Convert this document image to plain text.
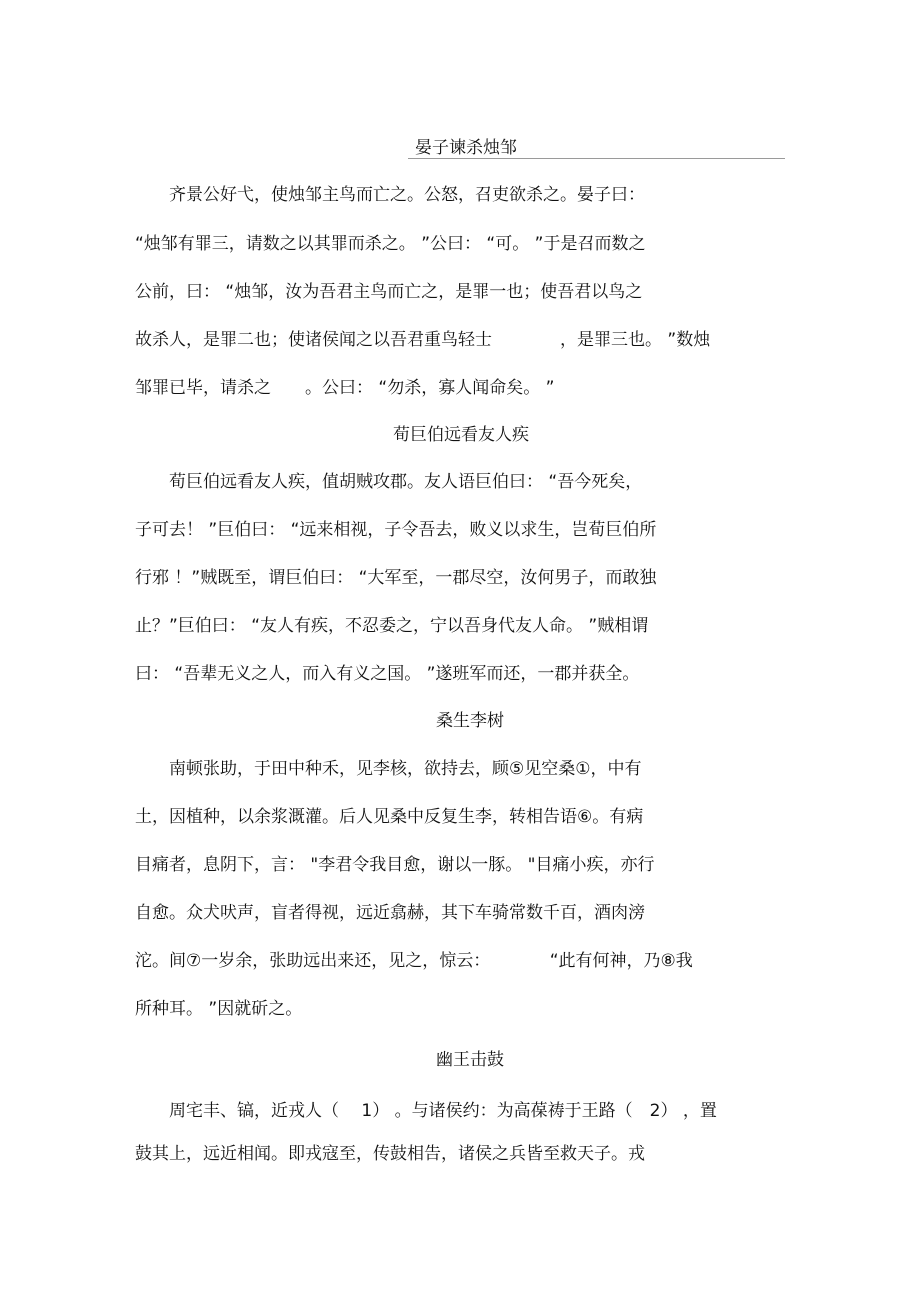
晏子谏杀烛邹
　　齐景公好弋，使烛邹主鸟而亡之。公怒，召吏欲杀之。晏子曰：
“烛邹有罪三，请数之以其罪而杀之。 ”公曰： “可。 ”于是召而数之
公前，曰： “烛邹，汝为吾君主鸟而亡之，是罪一也；使吾君以鸟之
故杀人，是罪二也；使诸侯闻之以吾君重鸟轻士　　　　，是罪三也。 ”数烛
邹罪已毕，请杀之　　。公曰： “勿杀，寡人闻命矣。 ”
荀巨伯远看友人疾
　　荀巨伯远看友人疾，值胡贼攻郡。友人语巨伯曰： “吾今死矣，
子可去！ ”巨伯曰： “远来相视，子令吾去，败义以求生，岂荀巨伯所
行邪 ！”贼既至，谓巨伯曰： “大军至，一郡尽空，汝何男子，而敢独
止？”巨伯曰： “友人有疾，不忍委之，宁以吾身代友人命。 ”贼相谓
曰： “吾辈无义之人，而入有义之国。 ”遂班军而还，一郡并获全。
桑生李树
　　南顿张助，于田中种禾，见李核，欲持去，顾⑤见空桑①，中有
土，因植种，以余浆溉灌。后人见桑中反复生李，转相告语⑥。有病
目痛者，息阴下，言： "李君令我目愈，谢以一豚。 "目痛小疾，亦行
自愈。众犬吠声，盲者得视，远近翕赫，其下车骑常数千百，酒肉滂
沱。间⑦一岁余，张助远出来还，见之，惊云：　　　　“此有何神，乃⑧我
所种耳。 ”因就斫之。
幽王击鼓
　　周宅丰、镐，近戎人（　 1） 。与诸侯约：为高葆祷于王路（　2） ，置
鼓其上，远近相闻。即戎寇至，传鼓相告，诸侯之兵皆至救天子。戎
